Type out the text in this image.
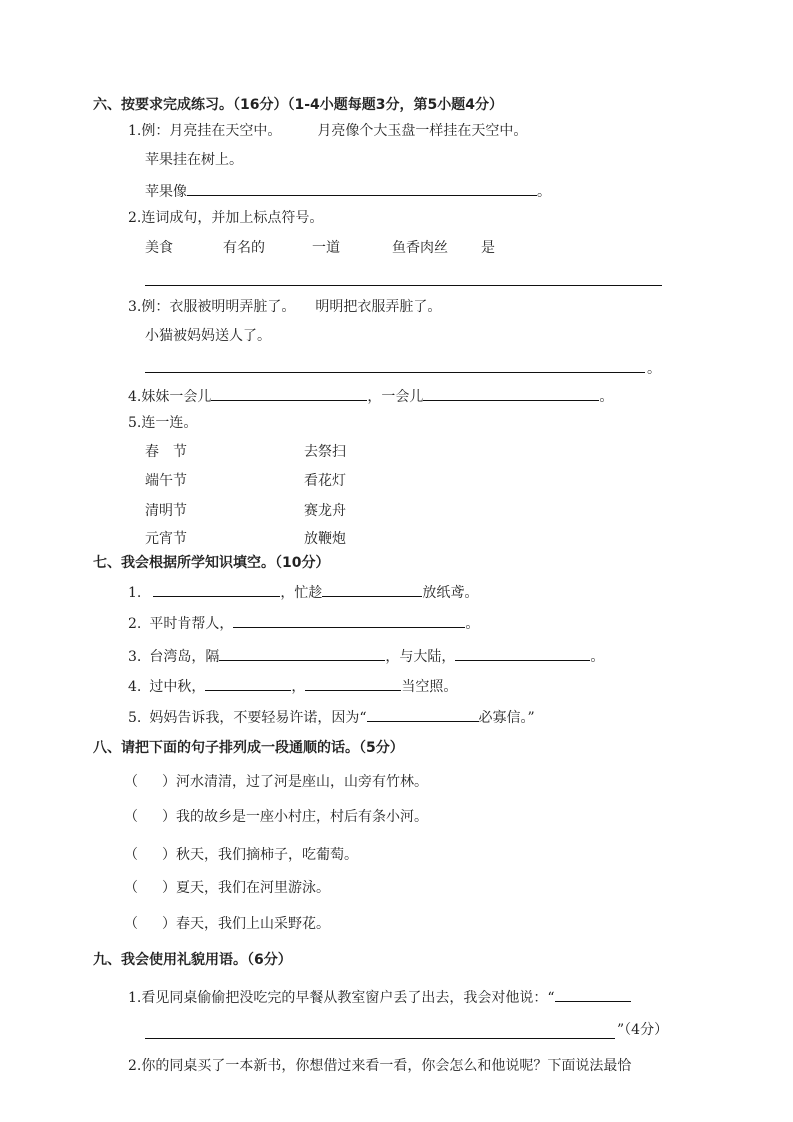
六、按要求完成练习。（16分）（1-4小题每题3分，第5小题4分）
1.例：月亮挂在天空中。	月亮像个大玉盘一样挂在天空中。
苹果挂在树上。
苹果像	。
2.连词成句，并加上标点符号。
美食	有名的	一道	鱼香肉丝 是
3.例：衣服被明明弄脏了。 明明把衣服弄脏了。
小猫被妈妈送人了。
。
4.妹妹一会儿	，一会儿	。
5.连一连。
春　节	去祭扫
端午节	看花灯
清明节	赛龙舟
元宵节	放鞭炮
七、我会根据所学知识填空。（10分）
1.	，忙趁	放纸鸢。
2. 平时肯帮人，	。
3. 台湾岛，隔	，与大陆，	。
4. 过中秋，	，	当空照。
5. 妈妈告诉我，不要轻易许诺，因为“	必寡信。”
八、请把下面的句子排列成一段通顺的话。（5分）
（ ）河水清清，过了河是座山，山旁有竹林。
（ ）我的故乡是一座小村庄，村后有条小河。
（ ）秋天，我们摘柿子，吃葡萄。
（ ）夏天，我们在河里游泳。
（ ）春天，我们上山采野花。
九、我会使用礼貌用语。（6分）
1.看见同桌偷偷把没吃完的早餐从教室窗户丢了出去，我会对他说：“
”（4分）
2.你的同桌买了一本新书，你想借过来看一看，你会怎么和他说呢？下面说法最恰
